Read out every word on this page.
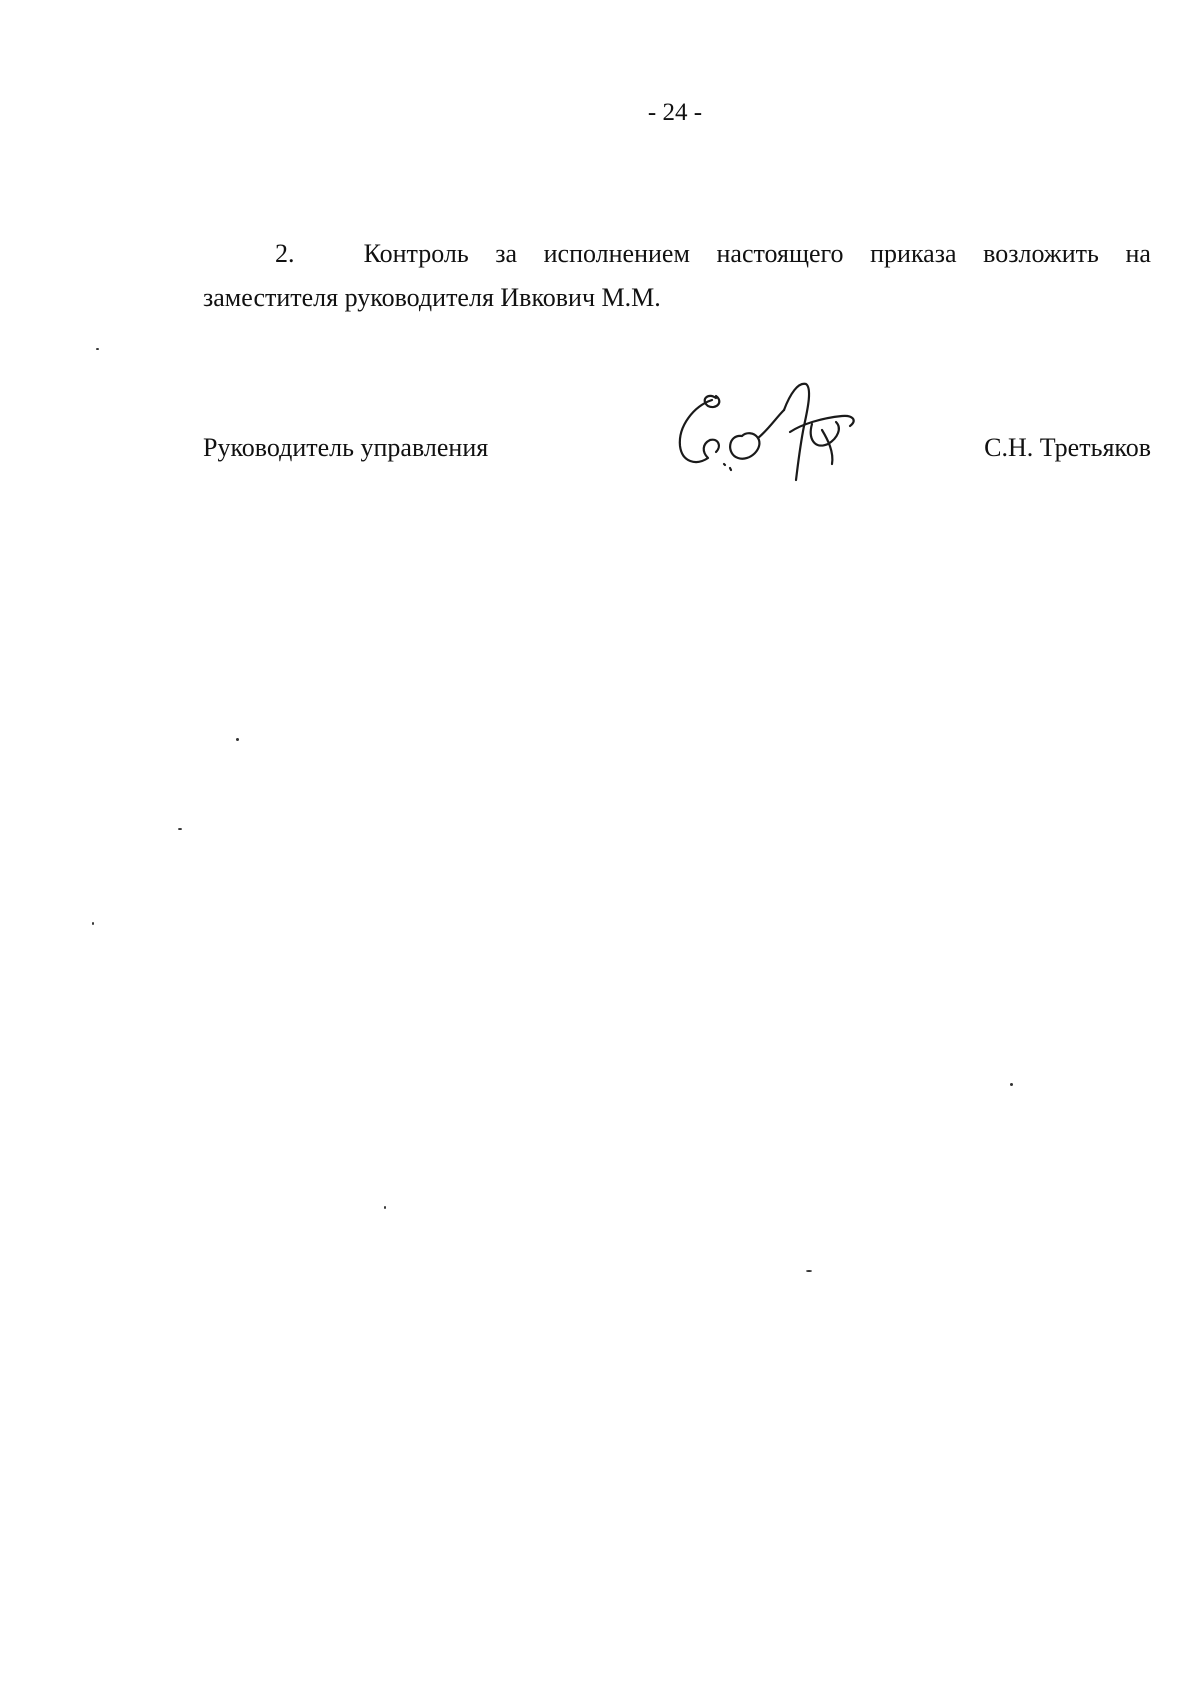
- 24 -
2.	Контроль за исполнением настоящего приказа возложить на
заместителя руководителя Ивкович М.М.
Руководитель управления	С.Н. Третьяков
